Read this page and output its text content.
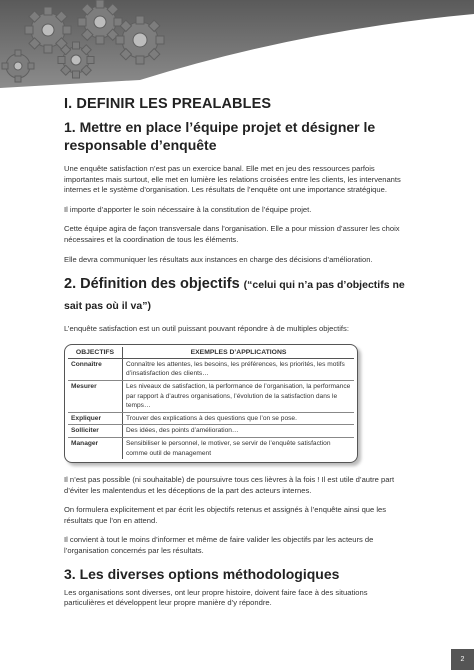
I. DEFINIR LES PREALABLES
1. Mettre en place l’équipe projet et désigner le responsable d’enquête

Une enquête satisfaction n’est pas un exercice banal. Elle met en jeu des ressources parfois importantes mais surtout, elle met en lumière les relations croisées entre les clients, les intervenants internes et le système d’organisation. Les résultats de l’enquête ont une importance stratégique.

Il importe d’apporter le soin nécessaire à la constitution de l’équipe projet.

Cette équipe agira de façon transversale dans l’organisation. Elle a pour mission d’assurer les choix nécessaires et la coordination de tous les éléments.

Elle devra communiquer les résultats aux instances en charge des décisions d’amélioration.

2. Définition des objectifs (“celui qui n’a pas d’objectifs ne sait pas où il va”)

L’enquête satisfaction est un outil puissant pouvant répondre à de multiples objectifs:

OBJECTIFS	EXEMPLES D’APPLICATIONS
Connaître	Connaître les attentes, les besoins, les préférences, les priorités, les motifs d’insatisfaction des clients…
Mesurer	Les niveaux de satisfaction, la performance de l’organisation, la performance par rapport à d’autres organisations, l’évolution de la satisfaction dans le temps…
Expliquer	Trouver des explications à des questions que l’on se pose.
Solliciter	Des idées, des points d’amélioration…
Manager	Sensibiliser le personnel, le motiver, se servir de l’enquête satisfaction comme outil de management

Il n’est pas possible (ni souhaitable) de poursuivre tous ces lièvres à la fois ! Il est utile d’autre part d’éviter les malentendus et les déceptions de la part des acteurs internes.

On formulera explicitement et par écrit les objectifs retenus et assignés à l’enquête ainsi que les résultats que l’on en attend.

Il convient à tout le moins d’informer et même de faire valider les objectifs par les acteurs de l’organisation concernés par les résultats.

3. Les diverses options méthodologiques

Les organisations sont diverses, ont leur propre histoire, doivent faire face à des situations particulières et développent leur propre manière d’y répondre.

2
